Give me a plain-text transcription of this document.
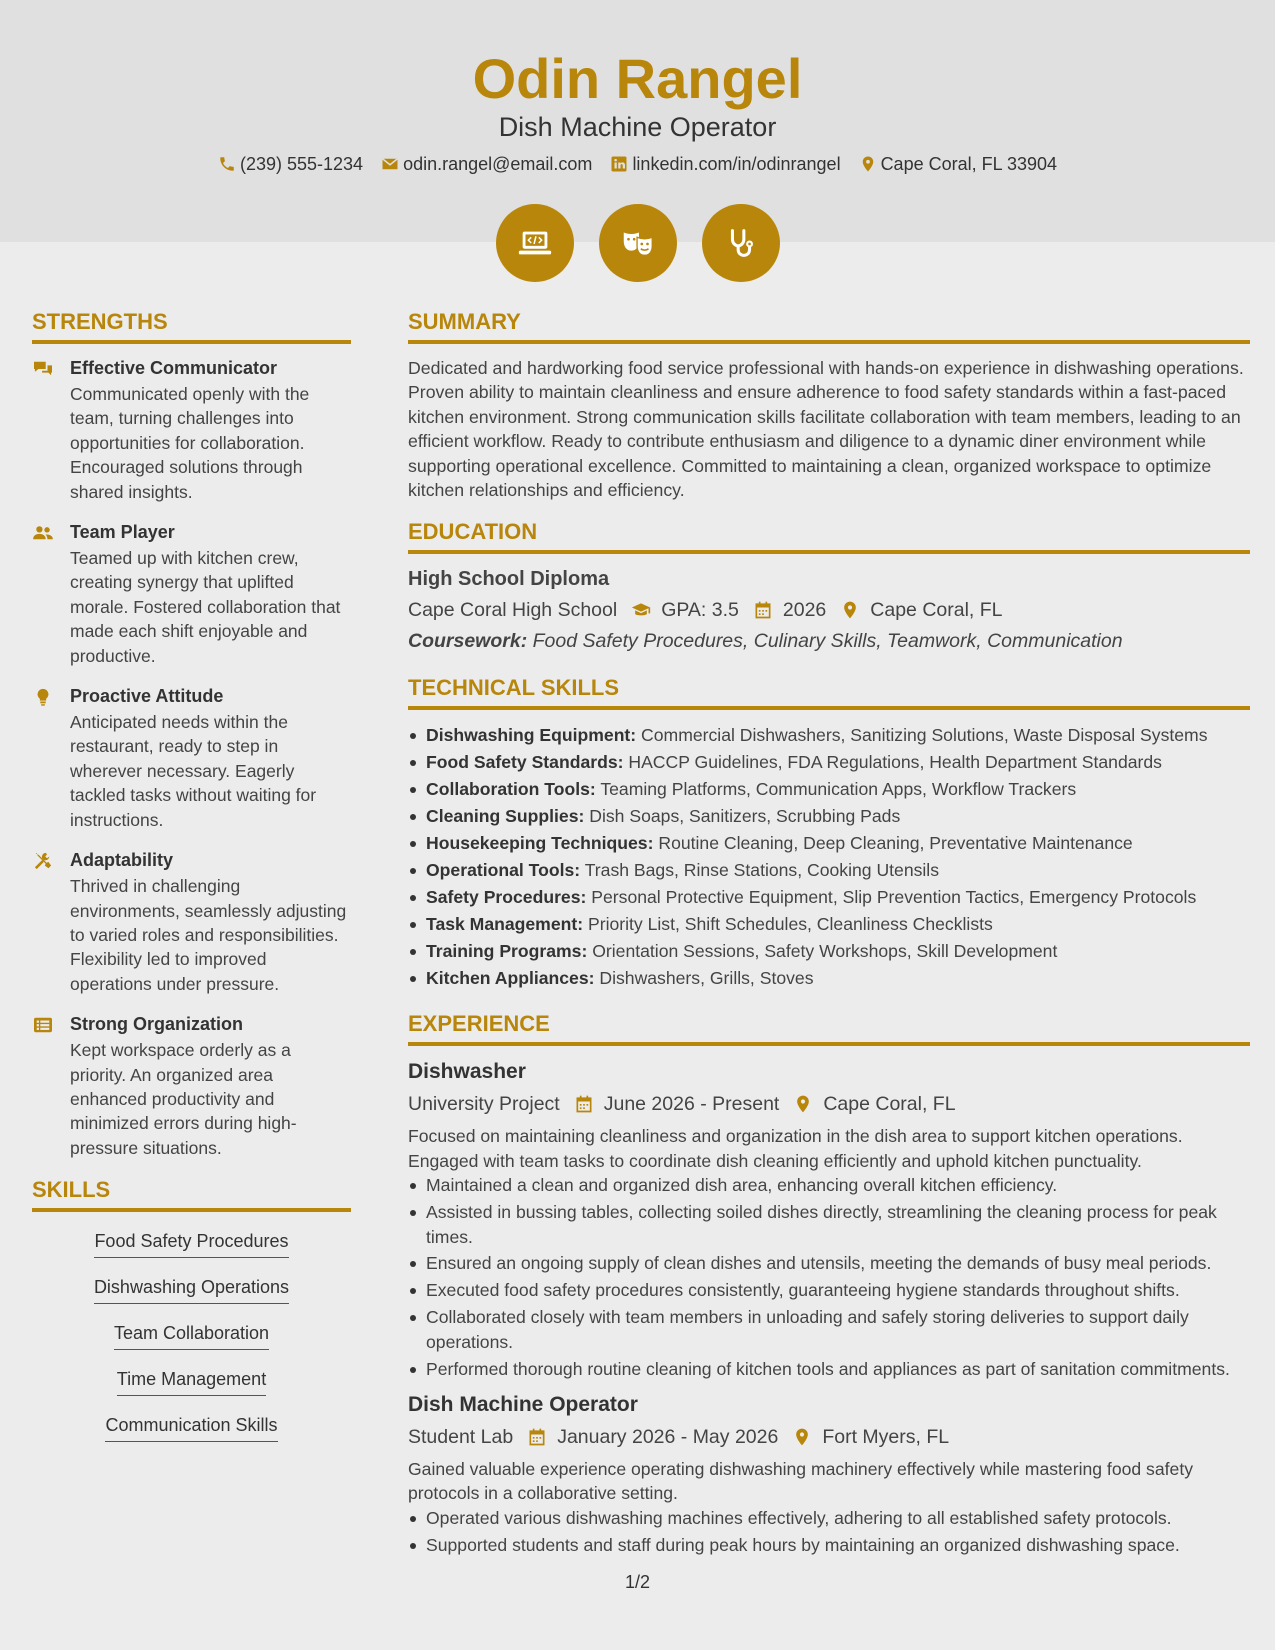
Odin Rangel
Dish Machine Operator
(239) 555-1234 odin.rangel@email.com linkedin.com/in/odinrangel Cape Coral, FL 33904
STRENGTHS
Effective Communicator
Communicated openly with the team, turning challenges into opportunities for collaboration. Encouraged solutions through shared insights.
Team Player
Teamed up with kitchen crew, creating synergy that uplifted morale. Fostered collaboration that made each shift enjoyable and productive.
Proactive Attitude
Anticipated needs within the restaurant, ready to step in wherever necessary. Eagerly tackled tasks without waiting for instructions.
Adaptability
Thrived in challenging environments, seamlessly adjusting to varied roles and responsibilities. Flexibility led to improved operations under pressure.
Strong Organization
Kept workspace orderly as a priority. An organized area enhanced productivity and minimized errors during high-pressure situations.
SKILLS
Food Safety Procedures
Dishwashing Operations
Team Collaboration
Time Management
Communication Skills
SUMMARY
Dedicated and hardworking food service professional with hands-on experience in dishwashing operations. Proven ability to maintain cleanliness and ensure adherence to food safety standards within a fast-paced kitchen environment. Strong communication skills facilitate collaboration with team members, leading to an efficient workflow. Ready to contribute enthusiasm and diligence to a dynamic diner environment while supporting operational excellence. Committed to maintaining a clean, organized workspace to optimize kitchen relationships and efficiency.
EDUCATION
High School Diploma
Cape Coral High School GPA: 3.5 2026 Cape Coral, FL
Coursework: Food Safety Procedures, Culinary Skills, Teamwork, Communication
TECHNICAL SKILLS
Dishwashing Equipment: Commercial Dishwashers, Sanitizing Solutions, Waste Disposal Systems
Food Safety Standards: HACCP Guidelines, FDA Regulations, Health Department Standards
Collaboration Tools: Teaming Platforms, Communication Apps, Workflow Trackers
Cleaning Supplies: Dish Soaps, Sanitizers, Scrubbing Pads
Housekeeping Techniques: Routine Cleaning, Deep Cleaning, Preventative Maintenance
Operational Tools: Trash Bags, Rinse Stations, Cooking Utensils
Safety Procedures: Personal Protective Equipment, Slip Prevention Tactics, Emergency Protocols
Task Management: Priority List, Shift Schedules, Cleanliness Checklists
Training Programs: Orientation Sessions, Safety Workshops, Skill Development
Kitchen Appliances: Dishwashers, Grills, Stoves
EXPERIENCE
Dishwasher
University Project June 2026 - Present Cape Coral, FL
Focused on maintaining cleanliness and organization in the dish area to support kitchen operations. Engaged with team tasks to coordinate dish cleaning efficiently and uphold kitchen punctuality.
Maintained a clean and organized dish area, enhancing overall kitchen efficiency.
Assisted in bussing tables, collecting soiled dishes directly, streamlining the cleaning process for peak times.
Ensured an ongoing supply of clean dishes and utensils, meeting the demands of busy meal periods.
Executed food safety procedures consistently, guaranteeing hygiene standards throughout shifts.
Collaborated closely with team members in unloading and safely storing deliveries to support daily operations.
Performed thorough routine cleaning of kitchen tools and appliances as part of sanitation commitments.
Dish Machine Operator
Student Lab January 2026 - May 2026 Fort Myers, FL
Gained valuable experience operating dishwashing machinery effectively while mastering food safety protocols in a collaborative setting.
Operated various dishwashing machines effectively, adhering to all established safety protocols.
Supported students and staff during peak hours by maintaining an organized dishwashing space.
1/2
